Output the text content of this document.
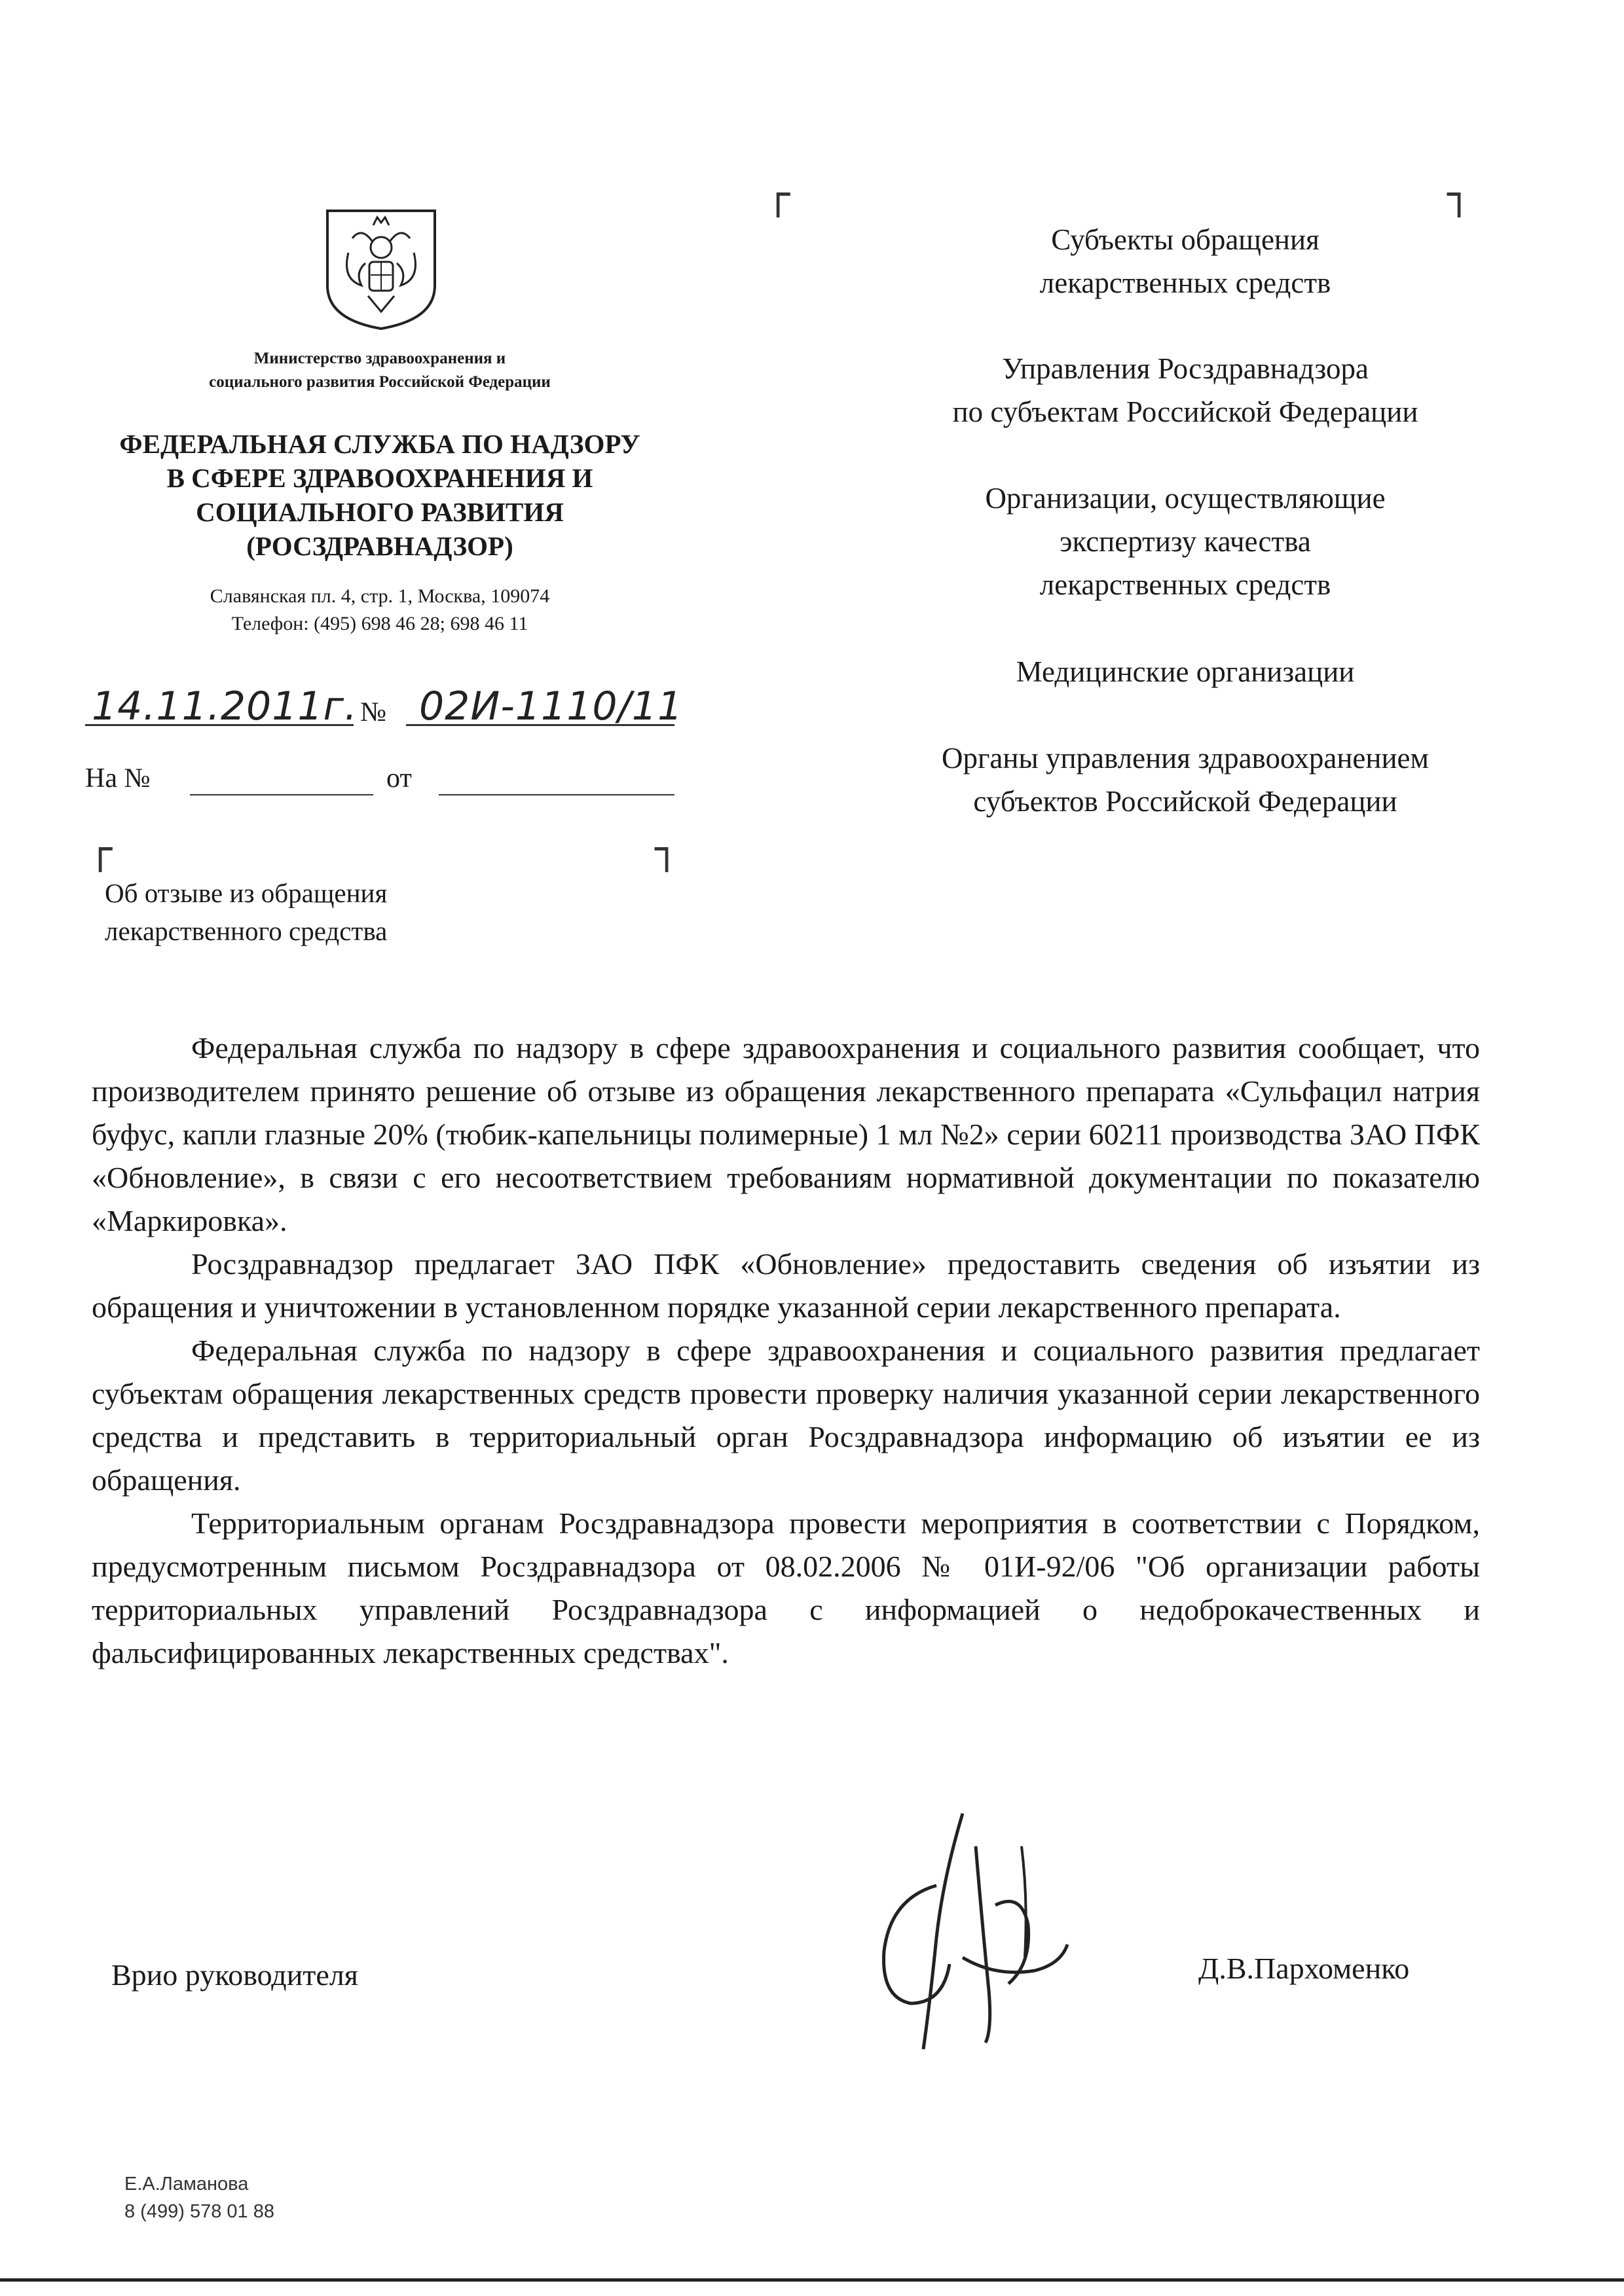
Министерство здравоохранения и
социального развития Российской Федерации
ФЕДЕРАЛЬНАЯ СЛУЖБА ПО НАДЗОРУ
В СФЕРЕ ЗДРАВООХРАНЕНИЯ И
СОЦИАЛЬНОГО РАЗВИТИЯ
(РОСЗДРАВНАДЗОР)
Славянская пл. 4, стр. 1, Москва, 109074
Телефон: (495) 698 46 28; 698 46 11
14.11.2011г. № 02И-1110/11
На №	от
┌	┐
┌	┐
Об отзыве из обращения
лекарственного средства
Субъекты обращения
лекарственных средств
Управления Росздравнадзора
по субъектам Российской Федерации
Организации, осуществляющие
экспертизу качества
лекарственных средств
Медицинские организации
Органы управления здравоохранением
субъектов Российской Федерации

Федеральная служба по надзору в сфере здравоохранения и социального развития сообщает, что производителем принято решение об отзыве из обращения лекарственного препарата «Сульфацил натрия буфус, капли глазные 20% (тюбик-капельницы полимерные) 1 мл №2» серии 60211 производства ЗАО ПФК «Обновление», в связи с его несоответствием требованиям нормативной документации по показателю «Маркировка».

Росздравнадзор предлагает ЗАО ПФК «Обновление» предоставить сведения об изъятии из обращения и уничтожении в установленном порядке указанной серии лекарственного препарата.

Федеральная служба по надзору в сфере здравоохранения и социального развития предлагает субъектам обращения лекарственных средств провести проверку наличия указанной серии лекарственного средства и представить в территориальный орган Росздравнадзора информацию об изъятии ее из обращения.

Территориальным органам Росздравнадзора провести мероприятия в соответствии с Порядком, предусмотренным письмом Росздравнадзора от 08.02.2006 № 01И-92/06 "Об организации работы территориальных управлений Росздравнадзора с информацией о недоброкачественных и фальсифицированных лекарственных средствах".

Врио руководителя	Д.В.Пархоменко
Е.А.Ламанова
8 (499) 578 01 88
